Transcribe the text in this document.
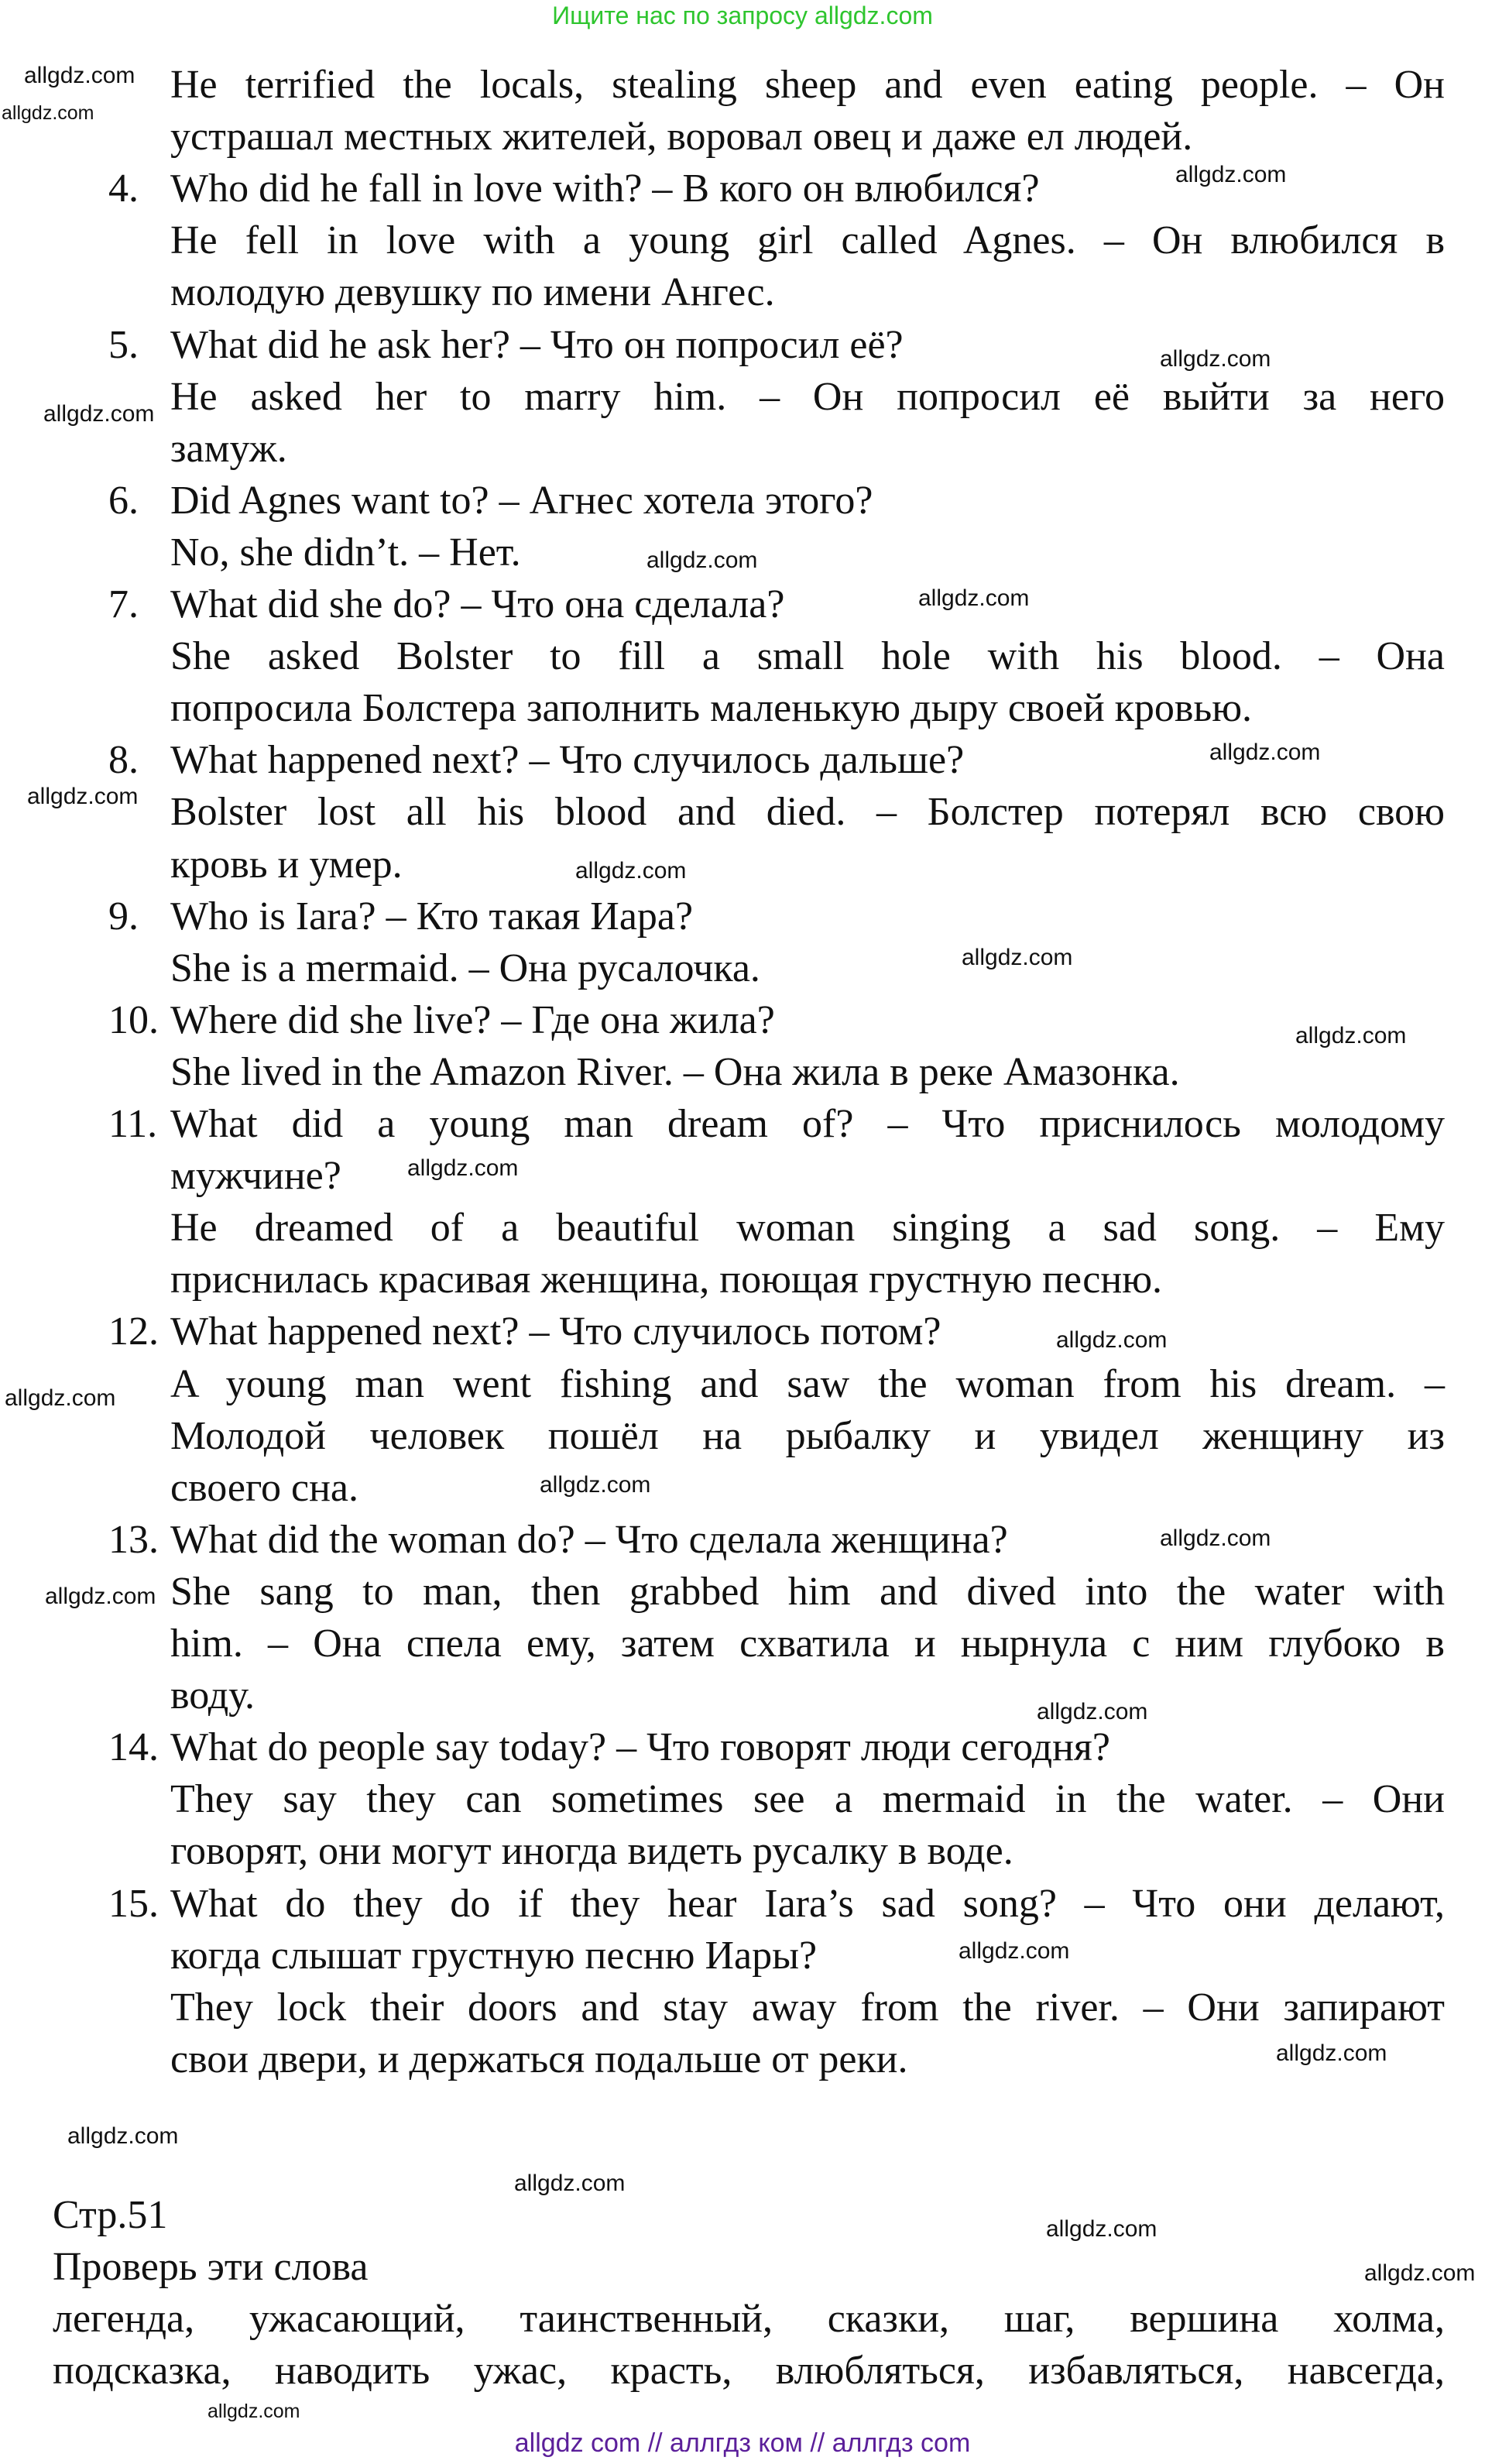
Ищите нас по запросу allgdz.com
He terrified the locals, stealing sheep and even eating people. – Он
устрашал местных жителей, воровал овец и даже ел людей.
4. Who did he fall in love with? – В кого он влюбился?
He fell in love with a young girl called Agnes. – Он влюбился в
молодую девушку по имени Ангес.
5. What did he ask her? – Что он попросил её?
He asked her to marry him. – Он попросил её выйти за него
замуж.
6. Did Agnes want to? – Агнес хотела этого?
No, she didn’t. – Нет.
7. What did she do? – Что она сделала?
She asked Bolster to fill a small hole with his blood. – Она
попросила Болстера заполнить маленькую дыру своей кровью.
8. What happened next? – Что случилось дальше?
Bolster lost all his blood and died. – Болстер потерял всю свою
кровь и умер.
9. Who is Iara? – Кто такая Иара?
She is a mermaid. – Она русалочка.
10. Where did she live? – Где она жила?
She lived in the Amazon River. – Она жила в реке Амазонка.
11. What did a young man dream of? – Что приснилось молодому
мужчине?
He dreamed of a beautiful woman singing a sad song. – Ему
приснилась красивая женщина, поющая грустную песню.
12. What happened next? – Что случилось потом?
A young man went fishing and saw the woman from his dream. –
Молодой человек пошёл на рыбалку и увидел женщину из
своего сна.
13. What did the woman do? – Что сделала женщина?
She sang to man, then grabbed him and dived into the water with
him. – Она спела ему, затем схватила и нырнула с ним глубоко в
воду.
14. What do people say today? – Что говорят люди сегодня?
They say they can sometimes see a mermaid in the water. – Они
говорят, они могут иногда видеть русалку в воде.
15. What do they do if they hear Iara’s sad song? – Что они делают,
когда слышат грустную песню Иары?
They lock their doors and stay away from the river. – Они запирают
свои двери, и держаться подальше от реки.
Стр.51
Проверь эти слова
легенда, ужасающий, таинственный, сказки, шаг, вершина холма,
подсказка, наводить ужас, красть, влюбляться, избавляться, навсегда,
allgdz.com
allgdz.com
allgdz.com
allgdz.com
allgdz.com
allgdz.com
allgdz.com
allgdz.com
allgdz.com
allgdz.com
allgdz.com
allgdz.com
allgdz.com
allgdz.com
allgdz.com
allgdz.com
allgdz.com
allgdz.com
allgdz.com
allgdz.com
allgdz.com
allgdz.com
allgdz.com
allgdz.com
allgdz.com
allgdz.com
allgdz com // аллгдз ком // аллгдз com
